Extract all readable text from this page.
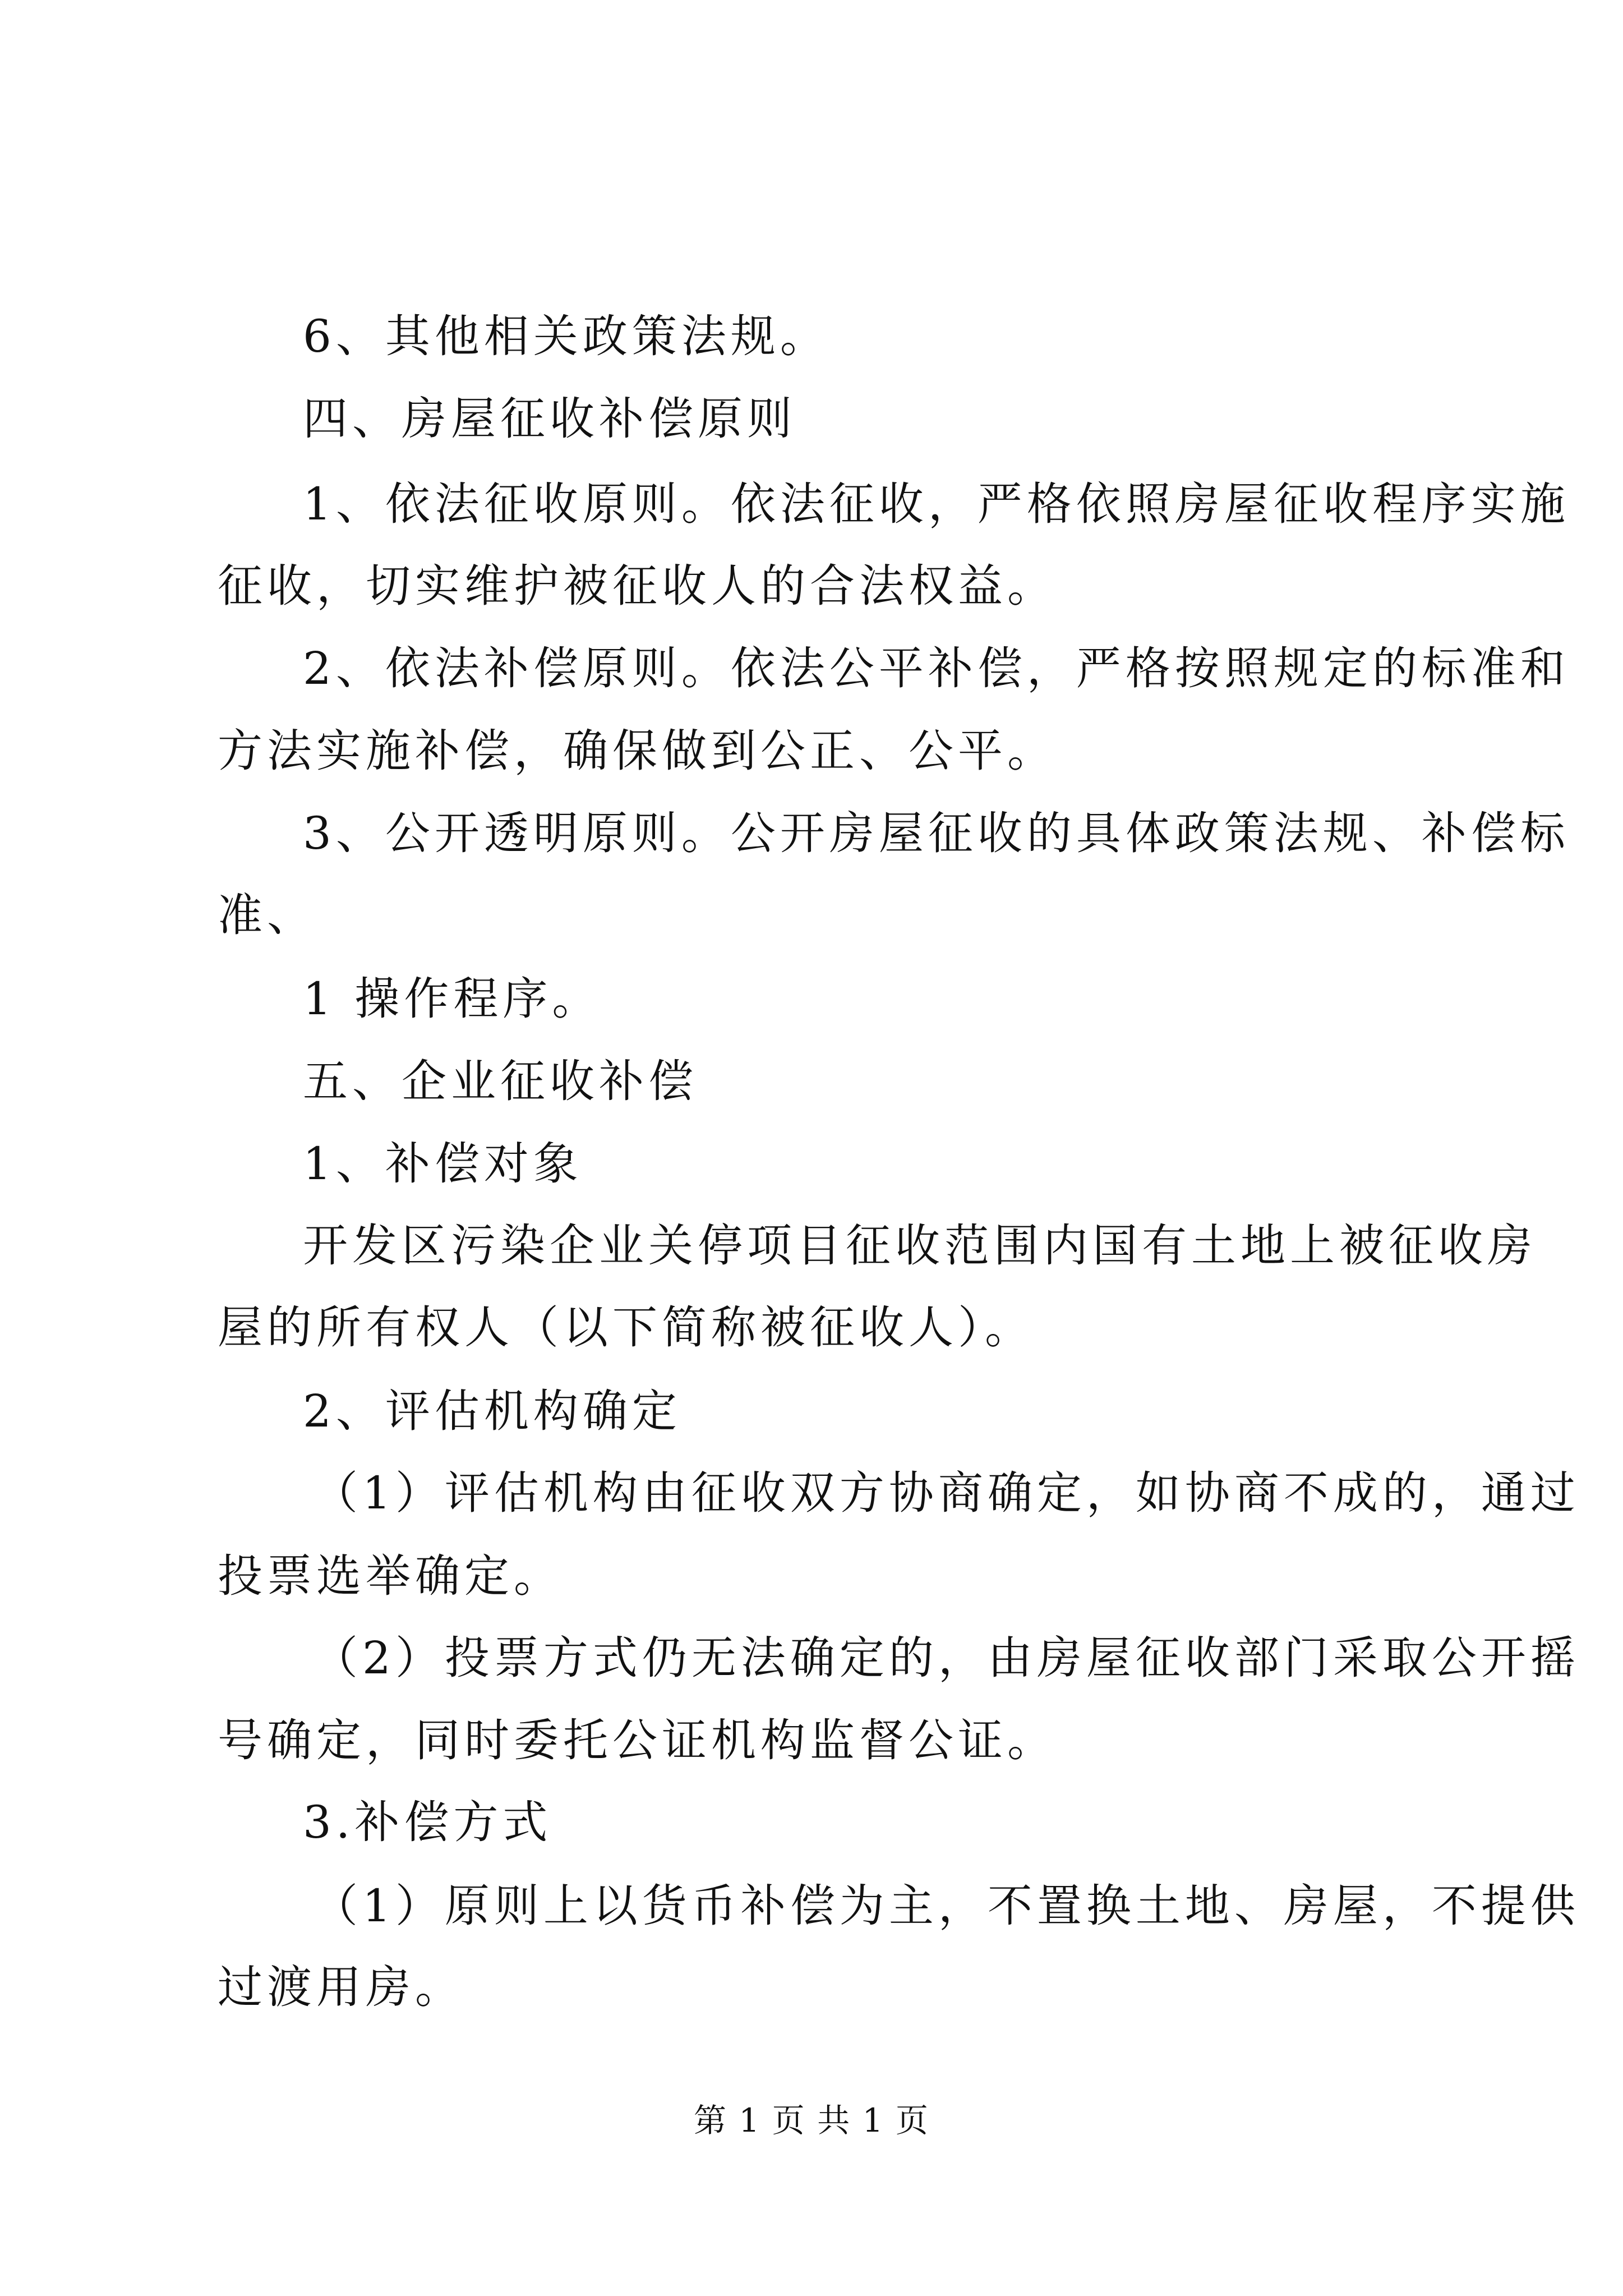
6、其他相关政策法规。
四、房屋征收补偿原则
1、依法征收原则。依法征收，严格依照房屋征收程序实施
征收，切实维护被征收人的合法权益。
2、依法补偿原则。依法公平补偿，严格按照规定的标准和
方法实施补偿，确保做到公正、公平。
3、公开透明原则。公开房屋征收的具体政策法规、补偿标
准、
1 操作程序。
五、企业征收补偿
1、补偿对象
开发区污染企业关停项目征收范围内国有土地上被征收房
屋的所有权人（以下简称被征收人）。
2、评估机构确定
（1）评估机构由征收双方协商确定，如协商不成的，通过
投票选举确定。
（2）投票方式仍无法确定的，由房屋征收部门采取公开摇
号确定，同时委托公证机构监督公证。
3.补偿方式
（1）原则上以货币补偿为主，不置换土地、房屋，不提供
过渡用房。
第 1 页 共 1 页
